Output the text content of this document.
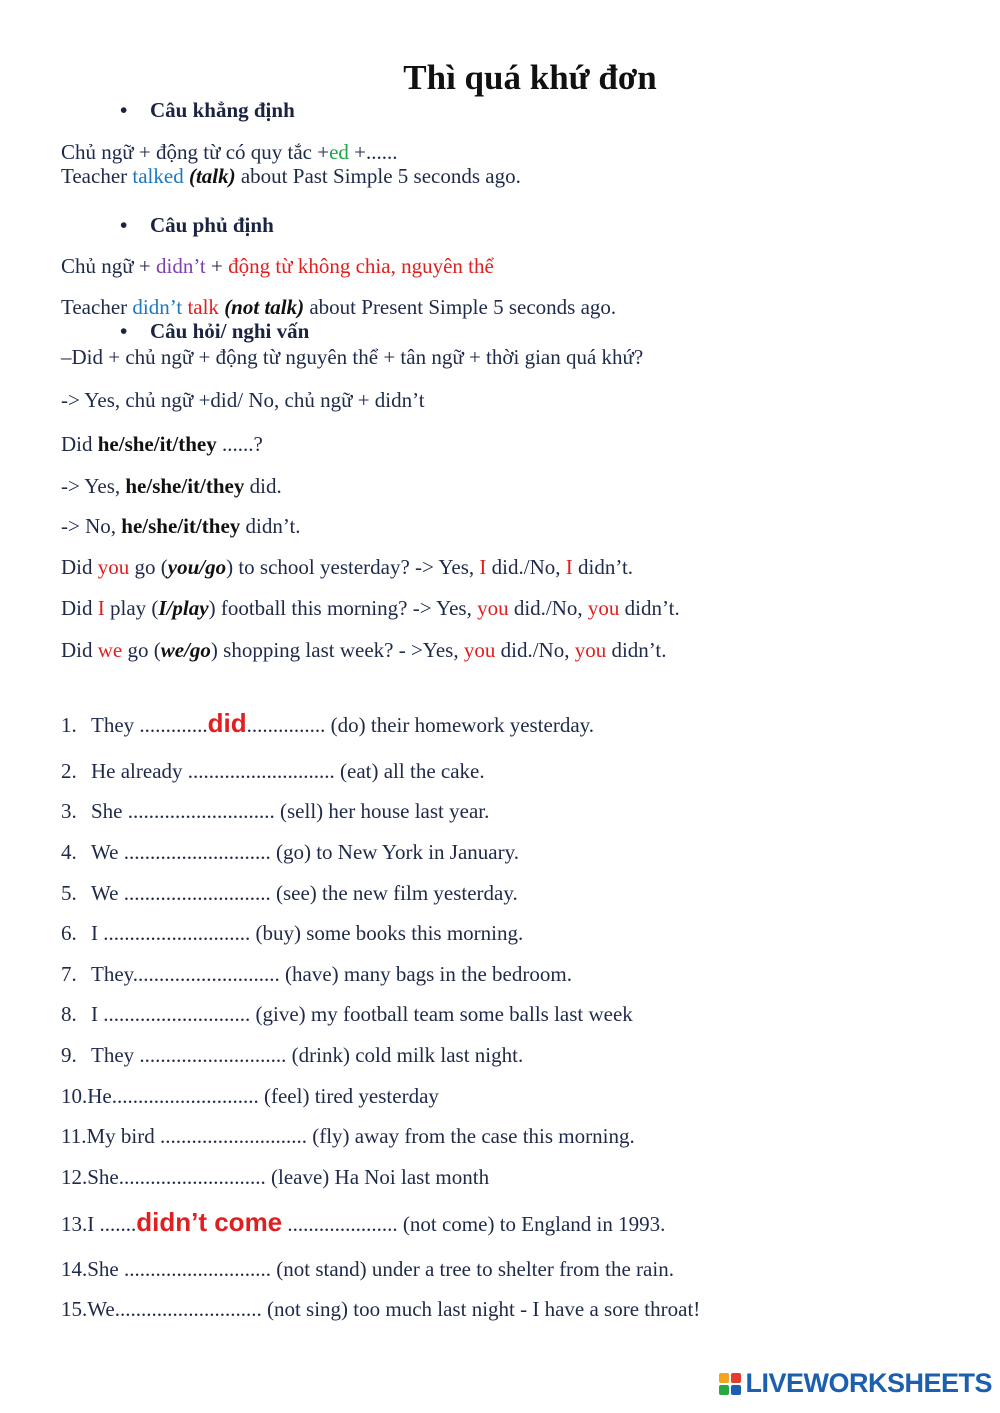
Thì quá khứ đơn
• Câu khẳng định
Chủ ngữ + động từ có quy tắc +ed +......
Teacher talked (talk) about Past Simple 5 seconds ago.
• Câu phủ định
Chủ ngữ + didn’t + động từ không chia, nguyên thể
Teacher didn’t talk (not talk) about Present Simple 5 seconds ago.
• Câu hỏi/ nghi vấn
–Did + chủ ngữ + động từ nguyên thể + tân ngữ + thời gian quá khứ?
-> Yes, chủ ngữ +did/ No, chủ ngữ + didn’t
Did he/she/it/they ......?
-> Yes, he/she/it/they did.
-> No, he/she/it/they didn’t.
Did you go (you/go) to school yesterday? -> Yes, I did./No, I didn’t.
Did I play (I/play) football this morning? -> Yes, you did./No, you didn’t.
Did we go (we/go) shopping last week? - >Yes, you did./No, you didn’t.
1. They .............did............... (do) their homework yesterday.
2. He already ............................ (eat) all the cake.
3. She ............................ (sell) her house last year.
4. We ............................ (go) to New York in January.
5. We ............................ (see) the new film yesterday.
6. I ............................ (buy) some books this morning.
7. They............................ (have) many bags in the bedroom.
8. I ............................ (give) my football team some balls last week
9. They ............................ (drink) cold milk last night.
10.He............................ (feel) tired yesterday
11.My bird ............................ (fly) away from the case this morning.
12.She............................ (leave) Ha Noi last month
13.I .......didn’t come ..................... (not come) to England in 1993.
14.She ............................ (not stand) under a tree to shelter from the rain.
15.We............................ (not sing) too much last night - I have a sore throat!
LIVEWORKSHEETS
